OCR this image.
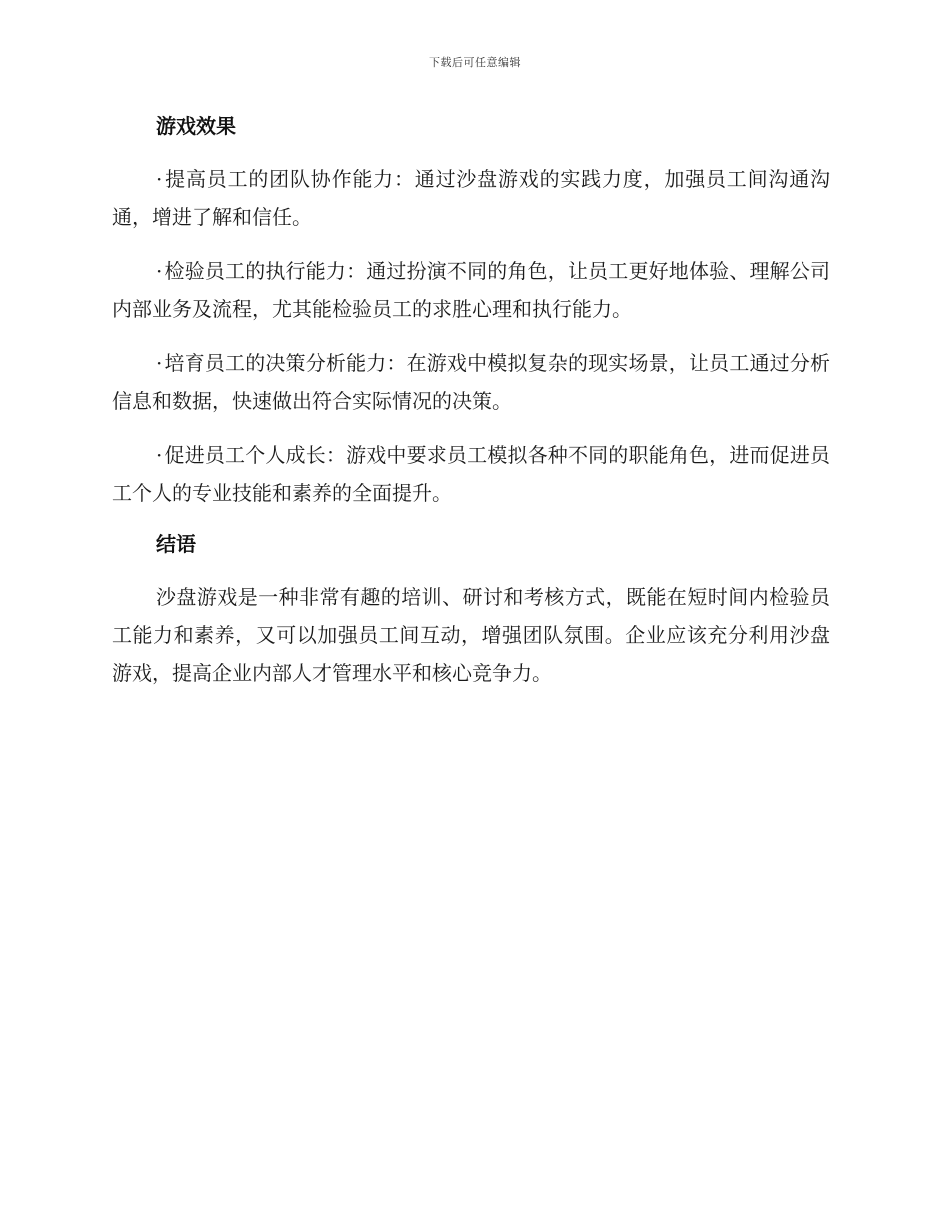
下载后可任意编辑
游戏效果

· 提高员工的团队协作能力：通过沙盘游戏的实践力度，加强员工间沟通沟通，增进了解和信任。

· 检验员工的执行能力：通过扮演不同的角色，让员工更好地体验、理解公司内部业务及流程，尤其能检验员工的求胜心理和执行能力。

· 培育员工的决策分析能力：在游戏中模拟复杂的现实场景，让员工通过分析信息和数据，快速做出符合实际情况的决策。

· 促进员工个人成长：游戏中要求员工模拟各种不同的职能角色，进而促进员工个人的专业技能和素养的全面提升。

结语

沙盘游戏是一种非常有趣的培训、研讨和考核方式，既能在短时间内检验员工能力和素养，又可以加强员工间互动，增强团队氛围。企业应该充分利用沙盘游戏，提高企业内部人才管理水平和核心竞争力。
